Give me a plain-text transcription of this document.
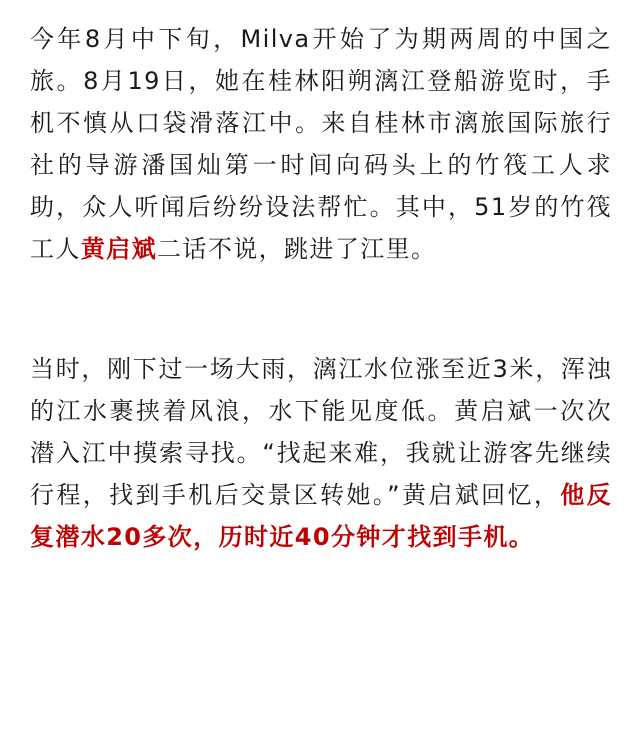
今年8月中下旬，Milva开始了为期两周的中国之旅。8月19日，她在桂林阳朔漓江登船游览时，手机不慎从口袋滑落江中。来自桂林市漓旅国际旅行社的导游潘国灿第一时间向码头上的竹筏工人求助，众人听闻后纷纷设法帮忙。其中，51岁的竹筏工人黄启斌二话不说，跳进了江里。

当时，刚下过一场大雨，漓江水位涨至近3米，浑浊的江水裹挟着风浪，水下能见度低。黄启斌一次次潜入江中摸索寻找。“找起来难，我就让游客先继续行程，找到手机后交景区转她。”黄启斌回忆，他反复潜水20多次，历时近40分钟才找到手机。
